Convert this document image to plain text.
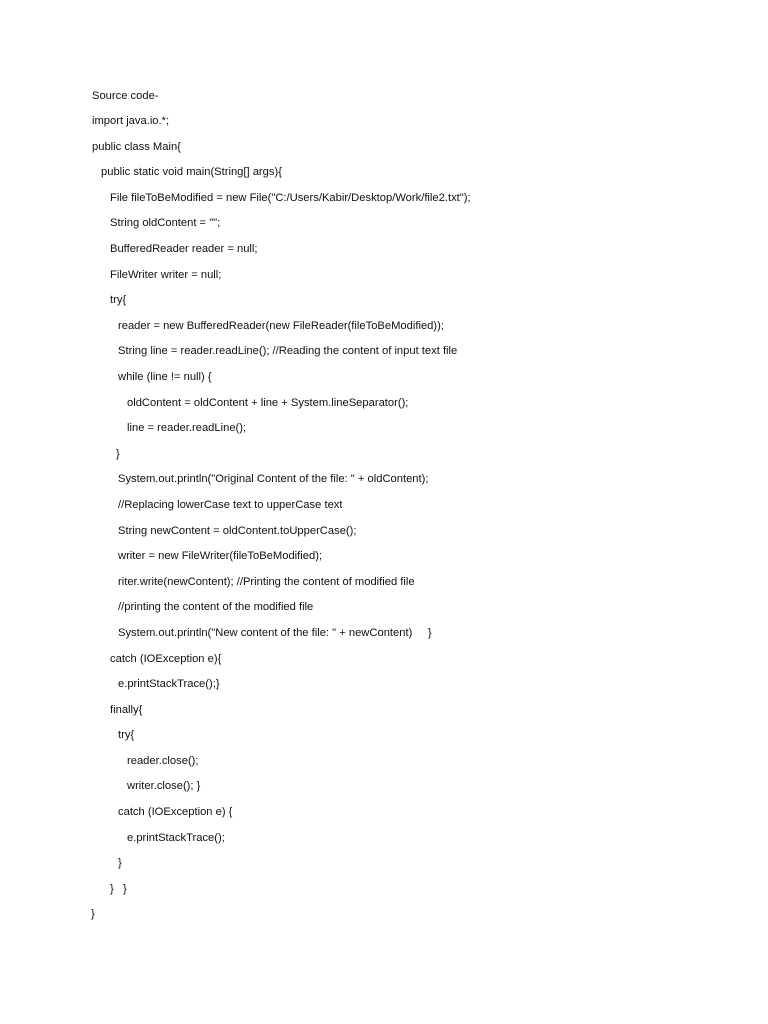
Source code-
import java.io.*;
public class Main{
public static void main(String[] args){
File fileToBeModified = new File("C:/Users/Kabir/Desktop/Work/file2.txt");
String oldContent = "";
BufferedReader reader = null;
FileWriter writer = null;
try{
reader = new BufferedReader(new FileReader(fileToBeModified));
String line = reader.readLine(); //Reading the content of input text file
while (line != null) {
oldContent = oldContent + line + System.lineSeparator();
line = reader.readLine();
}
System.out.println("Original Content of the file: " + oldContent);
//Replacing lowerCase text to upperCase text
String newContent = oldContent.toUpperCase();
writer = new FileWriter(fileToBeModified);
riter.write(newContent); //Printing the content of modified file
//printing the content of the modified file
System.out.println("New content of the file: " + newContent)     }
catch (IOException e){
e.printStackTrace();}
finally{
try{
reader.close();
writer.close(); }
catch (IOException e) {
e.printStackTrace();
}
}   }
}
